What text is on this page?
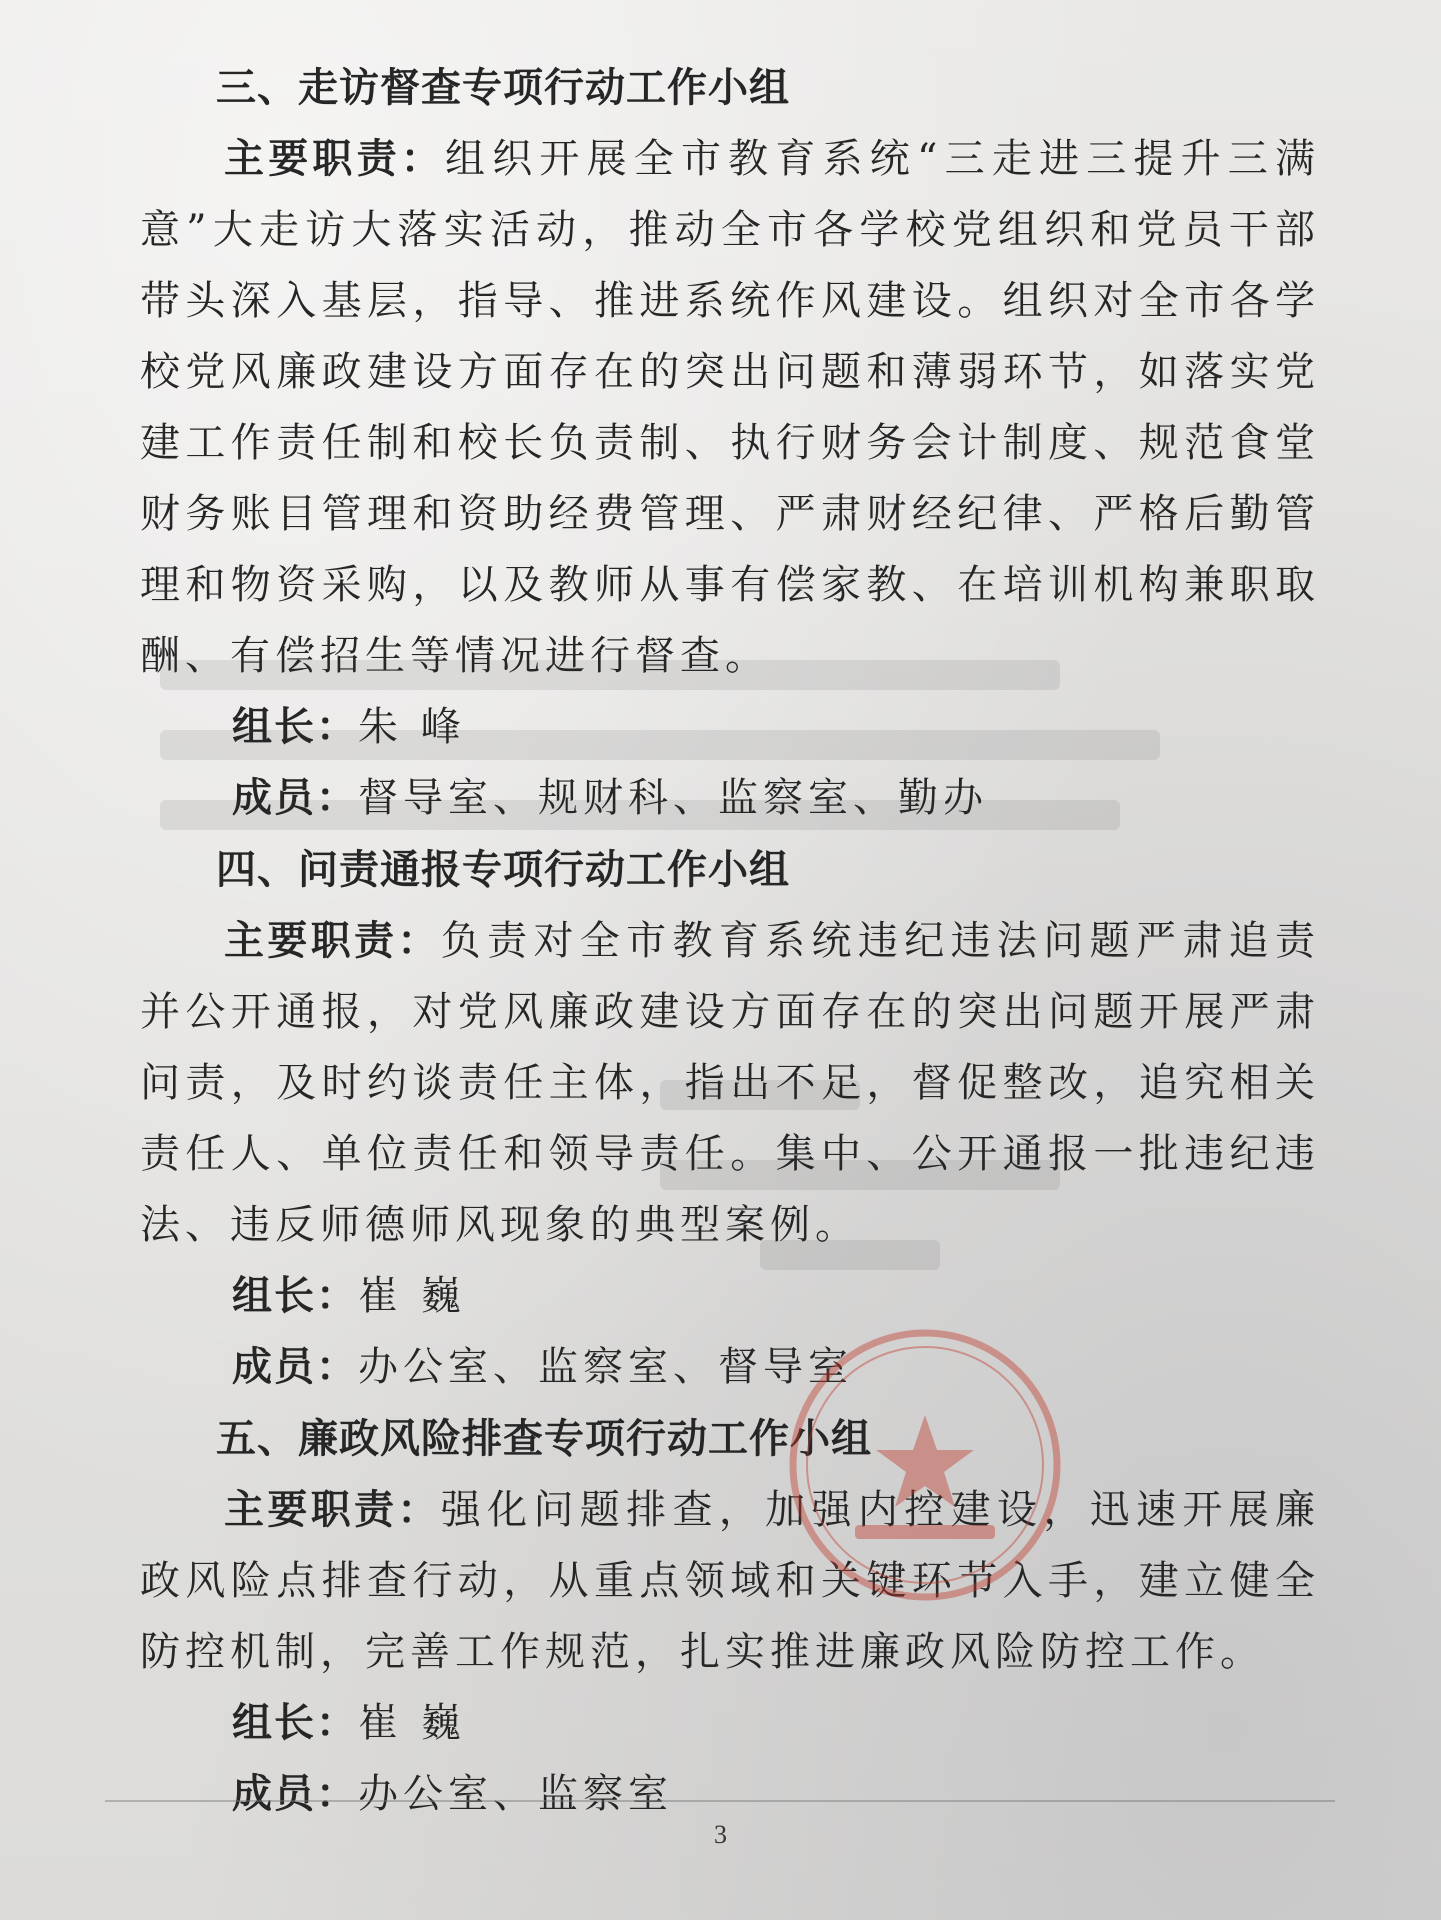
三、走访督查专项行动工作小组

主要职责：组织开展全市教育系统“三走进三提升三满意”大走访大落实活动，推动全市各学校党组织和党员干部带头深入基层，指导、推进系统作风建设。组织对全市各学校党风廉政建设方面存在的突出问题和薄弱环节，如落实党建工作责任制和校长负责制、执行财务会计制度、规范食堂财务账目管理和资助经费管理、严肃财经纪律、严格后勤管理和物资采购，以及教师从事有偿家教、在培训机构兼职取酬、有偿招生等情况进行督查。

组长：朱 峰
成员：督导室、规财科、监察室、勤办
四、问责通报专项行动工作小组

主要职责：负责对全市教育系统违纪违法问题严肃追责并公开通报，对党风廉政建设方面存在的突出问题开展严肃问责，及时约谈责任主体，指出不足，督促整改，追究相关责任人、单位责任和领导责任。集中、公开通报一批违纪违法、违反师德师风现象的典型案例。

组长：崔 巍
成员：办公室、监察室、督导室
五、廉政风险排查专项行动工作小组

主要职责：强化问题排查，加强内控建设，迅速开展廉政风险点排查行动，从重点领域和关键环节入手，建立健全防控机制，完善工作规范，扎实推进廉政风险防控工作。

组长：崔 巍
成员：办公室、监察室
3
